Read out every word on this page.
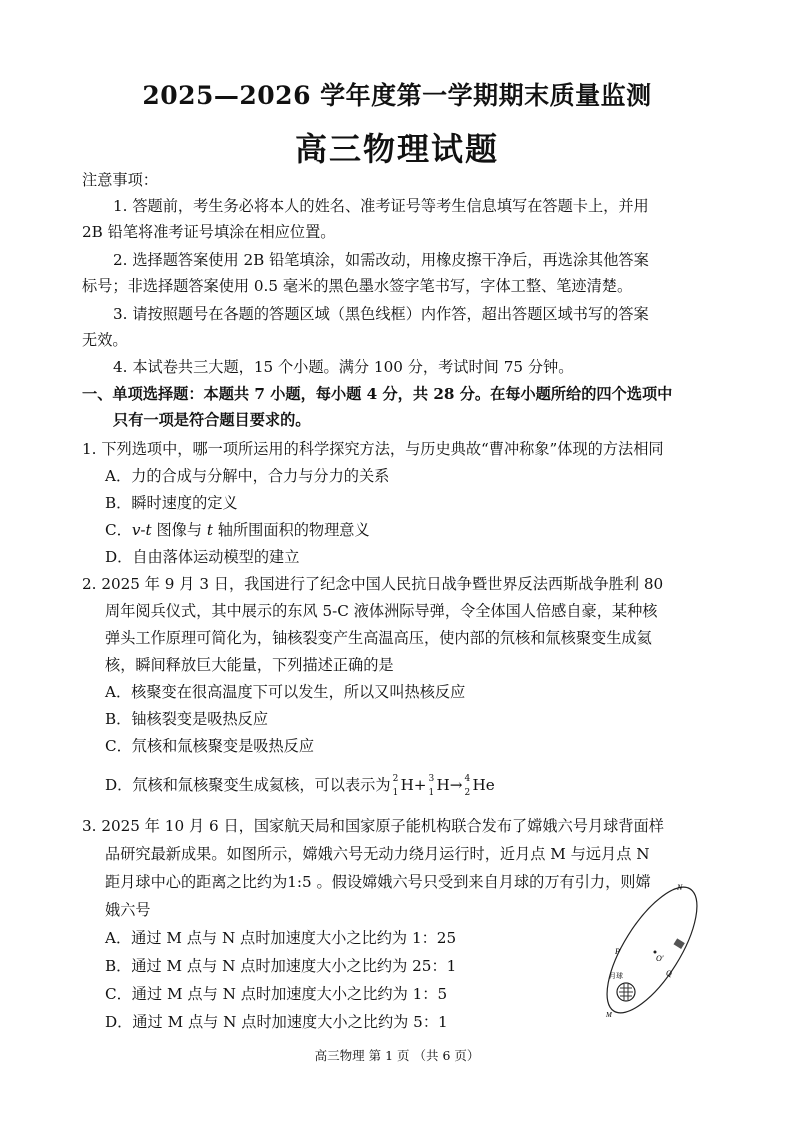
2025—2026 学年度第一学期期末质量监测
高三物理试题
注意事项：
1. 答题前，考生务必将本人的姓名、准考证号等考生信息填写在答题卡上，并用
2B 铅笔将准考证号填涂在相应位置。
2. 选择题答案使用 2B 铅笔填涂，如需改动，用橡皮擦干净后，再选涂其他答案
标号；非选择题答案使用 0.5 毫米的黑色墨水签字笔书写，字体工整、笔迹清楚。
3. 请按照题号在各题的答题区域（黑色线框）内作答，超出答题区域书写的答案
无效。
4. 本试卷共三大题，15 个小题。满分 100 分，考试时间 75 分钟。
一、单项选择题：本题共 7 小题，每小题 4 分，共 28 分。在每小题所给的四个选项中
只有一项是符合题目要求的。
1. 下列选项中，哪一项所运用的科学探究方法，与历史典故“曹冲称象”体现的方法相同
A．力的合成与分解中，合力与分力的关系
B．瞬时速度的定义
C．v-t 图像与 t 轴所围面积的物理意义
D．自由落体运动模型的建立
2. 2025 年 9 月 3 日，我国进行了纪念中国人民抗日战争暨世界反法西斯战争胜利 80
周年阅兵仪式，其中展示的东风 5-C 液体洲际导弹，令全体国人倍感自豪，某种核
弹头工作原理可简化为，铀核裂变产生高温高压，使内部的氘核和氚核聚变生成氦
核，瞬间释放巨大能量，下列描述正确的是
A．核聚变在很高温度下可以发生，所以又叫热核反应
B．铀核裂变是吸热反应
C．氘核和氚核聚变是吸热反应
D．氘核和氚核聚变生成氦核，可以表示为 2
1 H+ 3
1 H→ 4
2 He
3. 2025 年 10 月 6 日，国家航天局和国家原子能机构联合发布了嫦娥六号月球背面样
品研究最新成果。如图所示，嫦娥六号无动力绕月运行时，近月点 M 与远月点 N
距月球中心的距离之比约为1:5 。假设嫦娥六号只受到来自月球的万有引力，则嫦
娥六号
A．通过 M 点与 N 点时加速度大小之比约为 1：25
B．通过 M 点与 N 点时加速度大小之比约为 25：1
C．通过 M 点与 N 点时加速度大小之比约为 1：5
D．通过 M 点与 N 点时加速度大小之比约为 5：1
N
P
O′
Q
月球
M
高三物理 第 1 页 （共 6 页）
